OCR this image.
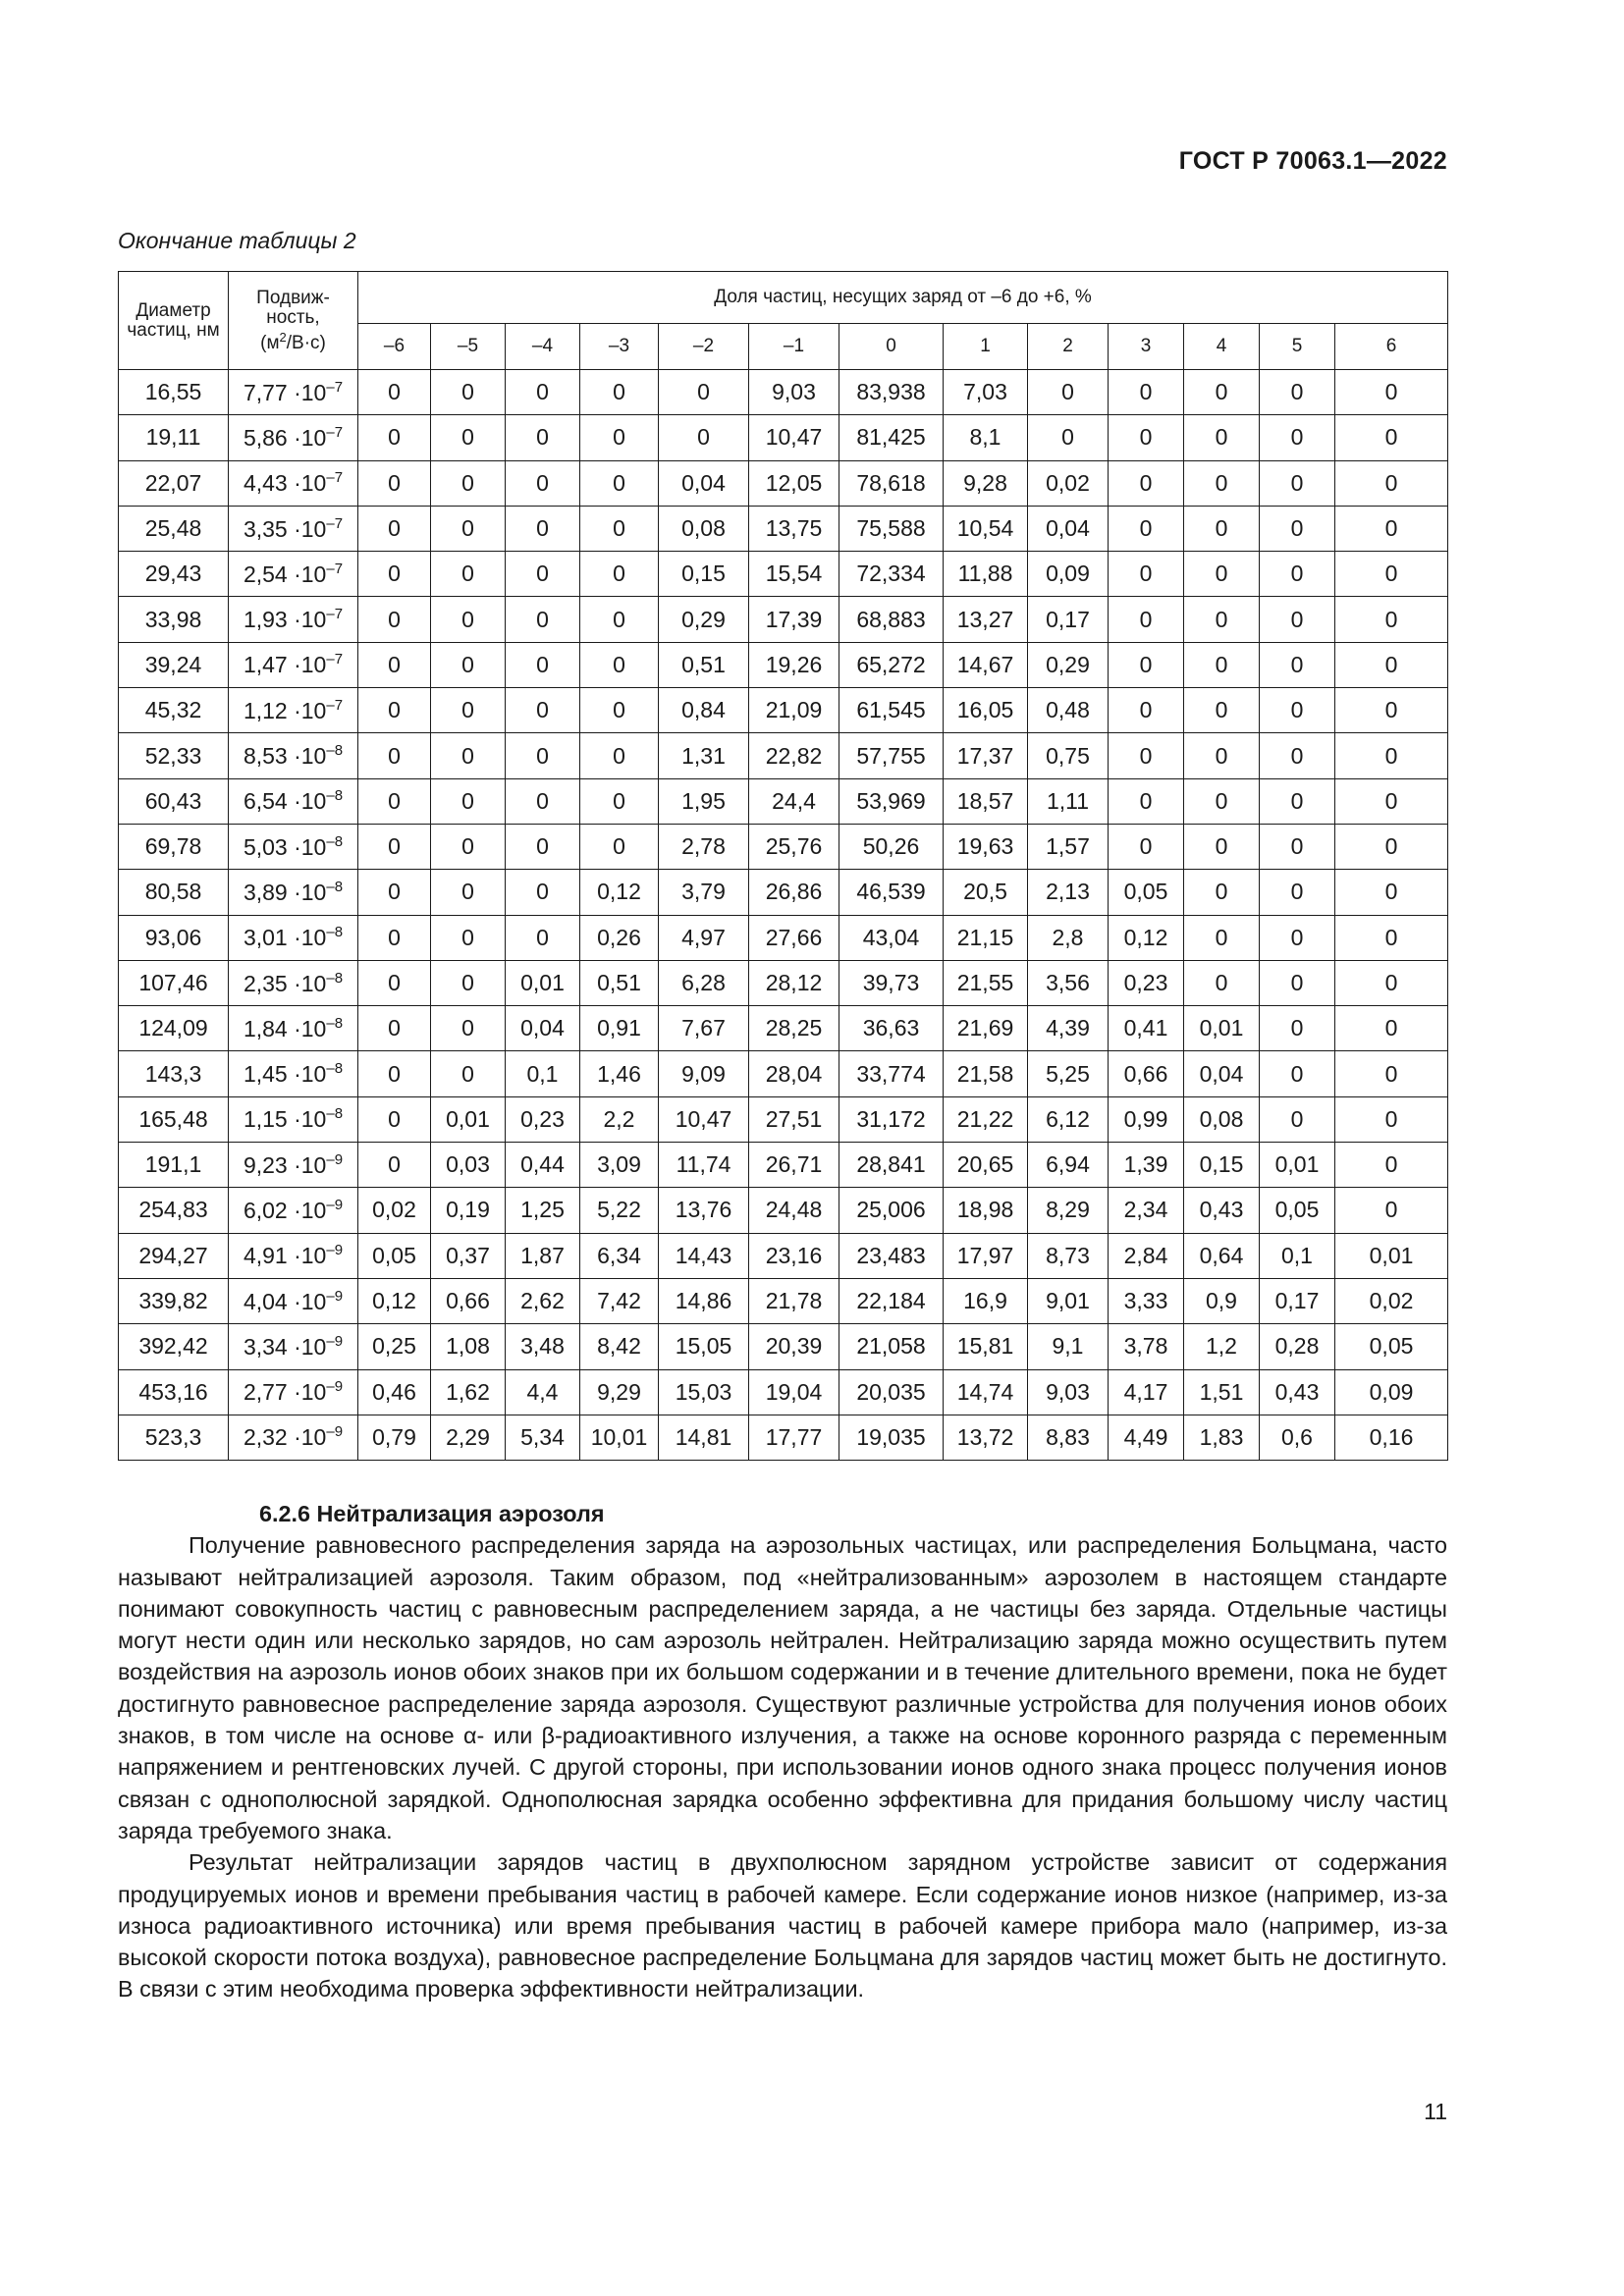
ГОСТ Р 70063.1—2022
Окончание таблицы 2
Диаметр частиц, нм	Подвиж-
ность,
$(м^2/В\cdot с)$	Доля частиц, несущих заряд от –6 до +6, %												
		–6	–5	–4	–3	–2	–1	0	1	2	3	4	5	6
16,55	$7,77 \cdot 10^{-7}$	0	0	0	0	0	9,03	83,938	7,03	0	0	0	0	0
19,11	$5,86 \cdot 10^{-7}$	0	0	0	0	0	10,47	81,425	8,1	0	0	0	0	0
22,07	$4,43 \cdot 10^{-7}$	0	0	0	0	0,04	12,05	78,618	9,28	0,02	0	0	0	0
25,48	$3,35 \cdot 10^{-7}$	0	0	0	0	0,08	13,75	75,588	10,54	0,04	0	0	0	0
29,43	$2,54 \cdot 10^{-7}$	0	0	0	0	0,15	15,54	72,334	11,88	0,09	0	0	0	0
33,98	$1,93 \cdot 10^{-7}$	0	0	0	0	0,29	17,39	68,883	13,27	0,17	0	0	0	0
39,24	$1,47 \cdot 10^{-7}$	0	0	0	0	0,51	19,26	65,272	14,67	0,29	0	0	0	0
45,32	$1,12 \cdot 10^{-7}$	0	0	0	0	0,84	21,09	61,545	16,05	0,48	0	0	0	0
52,33	$8,53 \cdot 10^{-8}$	0	0	0	0	1,31	22,82	57,755	17,37	0,75	0	0	0	0
60,43	$6,54 \cdot 10^{-8}$	0	0	0	0	1,95	24,4	53,969	18,57	1,11	0	0	0	0
69,78	$5,03 \cdot 10^{-8}$	0	0	0	0	2,78	25,76	50,26	19,63	1,57	0	0	0	0
80,58	$3,89 \cdot 10^{-8}$	0	0	0	0,12	3,79	26,86	46,539	20,5	2,13	0,05	0	0	0
93,06	$3,01 \cdot 10^{-8}$	0	0	0	0,26	4,97	27,66	43,04	21,15	2,8	0,12	0	0	0
107,46	$2,35 \cdot 10^{-8}$	0	0	0,01	0,51	6,28	28,12	39,73	21,55	3,56	0,23	0	0	0
124,09	$1,84 \cdot 10^{-8}$	0	0	0,04	0,91	7,67	28,25	36,63	21,69	4,39	0,41	0,01	0	0
143,3	$1,45 \cdot 10^{-8}$	0	0	0,1	1,46	9,09	28,04	33,774	21,58	5,25	0,66	0,04	0	0
165,48	$1,15 \cdot 10^{-8}$	0	0,01	0,23	2,2	10,47	27,51	31,172	21,22	6,12	0,99	0,08	0	0
191,1	$9,23 \cdot 10^{-9}$	0	0,03	0,44	3,09	11,74	26,71	28,841	20,65	6,94	1,39	0,15	0,01	0
254,83	$6,02 \cdot 10^{-9}$	0,02	0,19	1,25	5,22	13,76	24,48	25,006	18,98	8,29	2,34	0,43	0,05	0
294,27	$4,91 \cdot 10^{-9}$	0,05	0,37	1,87	6,34	14,43	23,16	23,483	17,97	8,73	2,84	0,64	0,1	0,01
339,82	$4,04 \cdot 10^{-9}$	0,12	0,66	2,62	7,42	14,86	21,78	22,184	16,9	9,01	3,33	0,9	0,17	0,02
392,42	$3,34 \cdot 10^{-9}$	0,25	1,08	3,48	8,42	15,05	20,39	21,058	15,81	9,1	3,78	1,2	0,28	0,05
453,16	$2,77 \cdot 10^{-9}$	0,46	1,62	4,4	9,29	15,03	19,04	20,035	14,74	9,03	4,17	1,51	0,43	0,09
523,3	$2,32 \cdot 10^{-9}$	0,79	2,29	5,34	10,01	14,81	17,77	19,035	13,72	8,83	4,49	1,83	0,6	0,16

6.2.6 Нейтрализация аэрозоля

Получение равновесного распределения заряда на аэрозольных частицах, или распределения Больцмана, часто называют нейтрализацией аэрозоля. Таким образом, под «нейтрализованным» аэрозолем в настоящем стандарте понимают совокупность частиц с равновесным распределением заряда, а не частицы без заряда. Отдельные частицы могут нести один или несколько зарядов, но сам аэрозоль нейтрален. Нейтрализацию заряда можно осуществить путем воздействия на аэрозоль ионов обоих знаков при их большом содержании и в течение длительного времени, пока не будет достигнуто равновесное распределение заряда аэрозоля. Существуют различные устройства для получения ионов обоих знаков, в том числе на основе α- или β-радиоактивного излучения, а также на основе коронного разряда с переменным напряжением и рентгеновских лучей. С другой стороны, при использовании ионов одного знака процесс получения ионов связан с однополюсной зарядкой. Однополюсная зарядка особенно эффективна для придания большому числу частиц заряда требуемого знака.

Результат нейтрализации зарядов частиц в двухполюсном зарядном устройстве зависит от содержания продуцируемых ионов и времени пребывания частиц в рабочей камере. Если содержание ионов низкое (например, из-за износа радиоактивного источника) или время пребывания частиц в рабочей камере прибора мало (например, из-за высокой скорости потока воздуха), равновесное распределение Больцмана для зарядов частиц может быть не достигнуто. В связи с этим необходима проверка эффективности нейтрализации.

11
